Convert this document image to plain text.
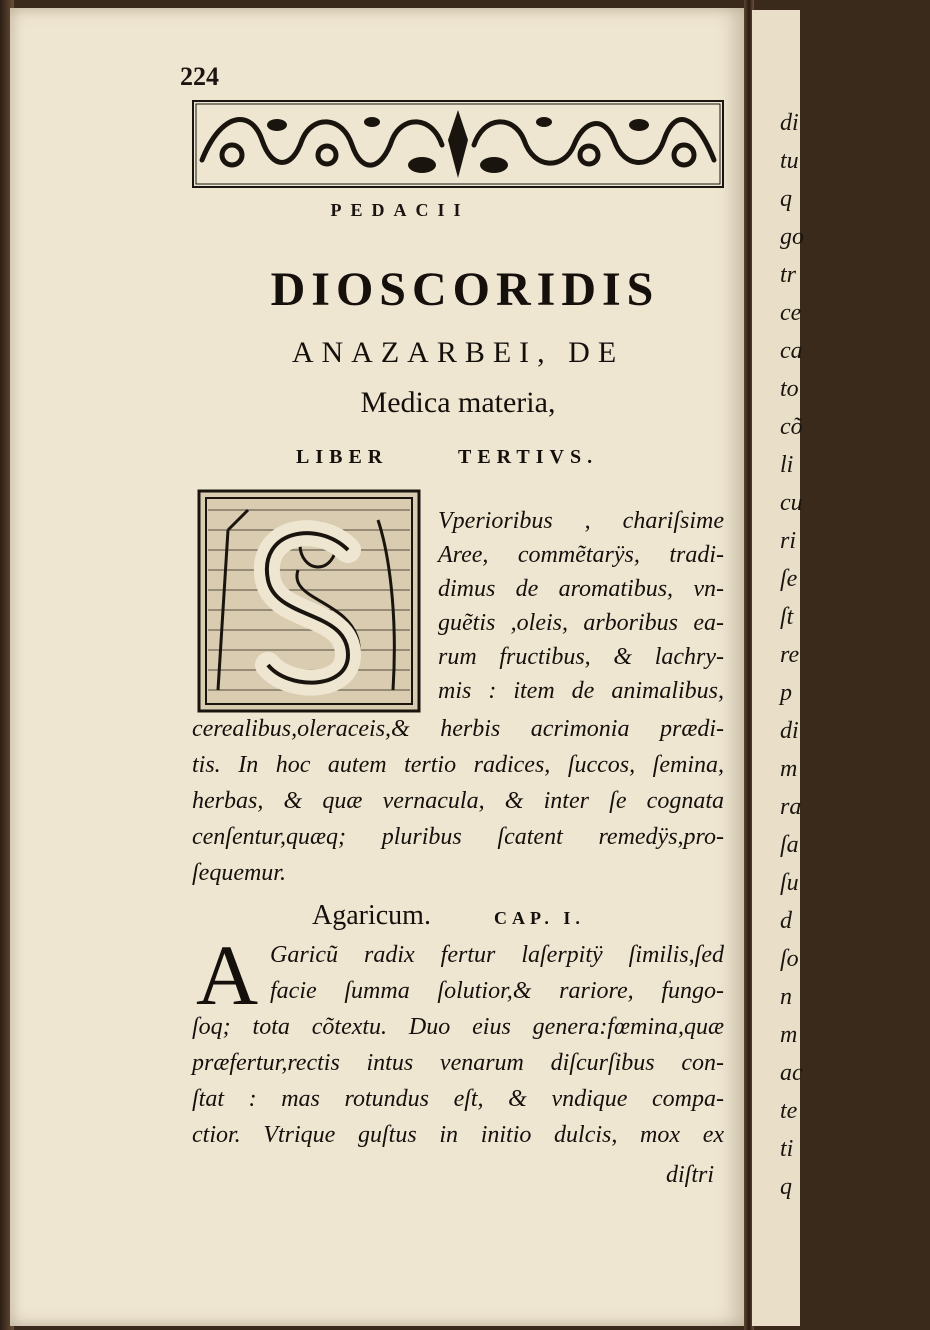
di
tu
q
go
tr
ce
ca
to
cõ
li
cu
ri
ſe
ſt
re
p
di
m
ra
ſa
ſu
d
ſo
n
m
ac
te
ti
q
224
PEDACII
DIOSCORIDIS
ANAZARBEI, DE
Medica materia,
LIBER	TERTIVS.
Vperioribus , chariſsime
Aree, commẽtarÿs, tradi-
dimus de aromatibus, vn-
guẽtis ,oleis, arboribus ea-
rum fructibus, & lachry-
mis : item de animalibus,
cerealibus,oleraceis,& herbis acrimonia prædi-
tis. In hoc autem tertio radices, ſuccos, ſemina,
herbas, & quæ vernacula, & inter ſe cognata
cenſentur,quæq; pluribus ſcatent remedÿs,pro-
ſequemur.
Agaricum.	CAP. I.
A Garicũ radix fertur laſerpitÿ ſimilis,ſed
facie ſumma ſolutior,& rariore, fungo-
ſoq; tota cõtextu. Duo eius genera:fœmina,quæ
præfertur,rectis intus venarum diſcurſibus con-
ſtat : mas rotundus eſt, & vndique compa-
ctior. Vtrique guſtus in initio dulcis, mox ex
diſtri
